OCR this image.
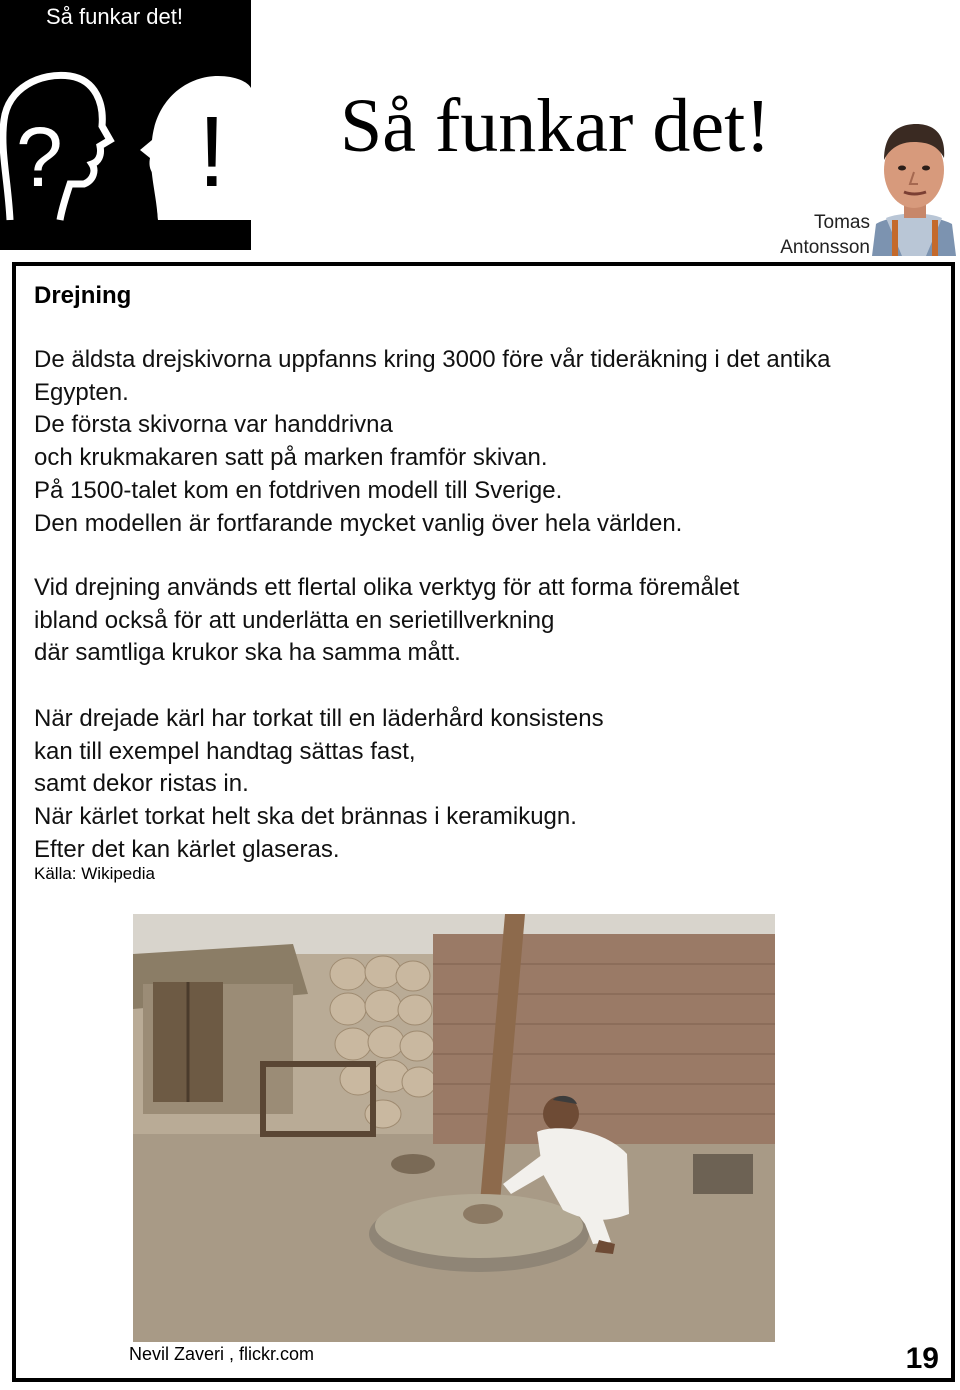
? !
Så funkar det!
Så funkar det!
Tomas
Antonsson
Drejning

De äldsta drejskivorna uppfanns kring 3000 före vår tideräkning i det antika
Egypten.
De första skivorna var handdrivna
och krukmakaren satt på marken framför skivan.
På 1500-talet kom en fotdriven modell till Sverige.
Den modellen är fortfarande mycket vanlig över hela världen.

Vid drejning används ett flertal olika verktyg för att forma föremålet
ibland också för att underlätta en serietillverkning
där samtliga krukor ska ha samma mått.

När drejade kärl har torkat till en läderhård konsistens
kan till exempel handtag sättas fast,
samt dekor ristas in.
När kärlet torkat helt ska det brännas i keramikugn.
Efter det kan kärlet glaseras.

Källa: Wikipedia
Nevil Zaveri , flickr.com	19
